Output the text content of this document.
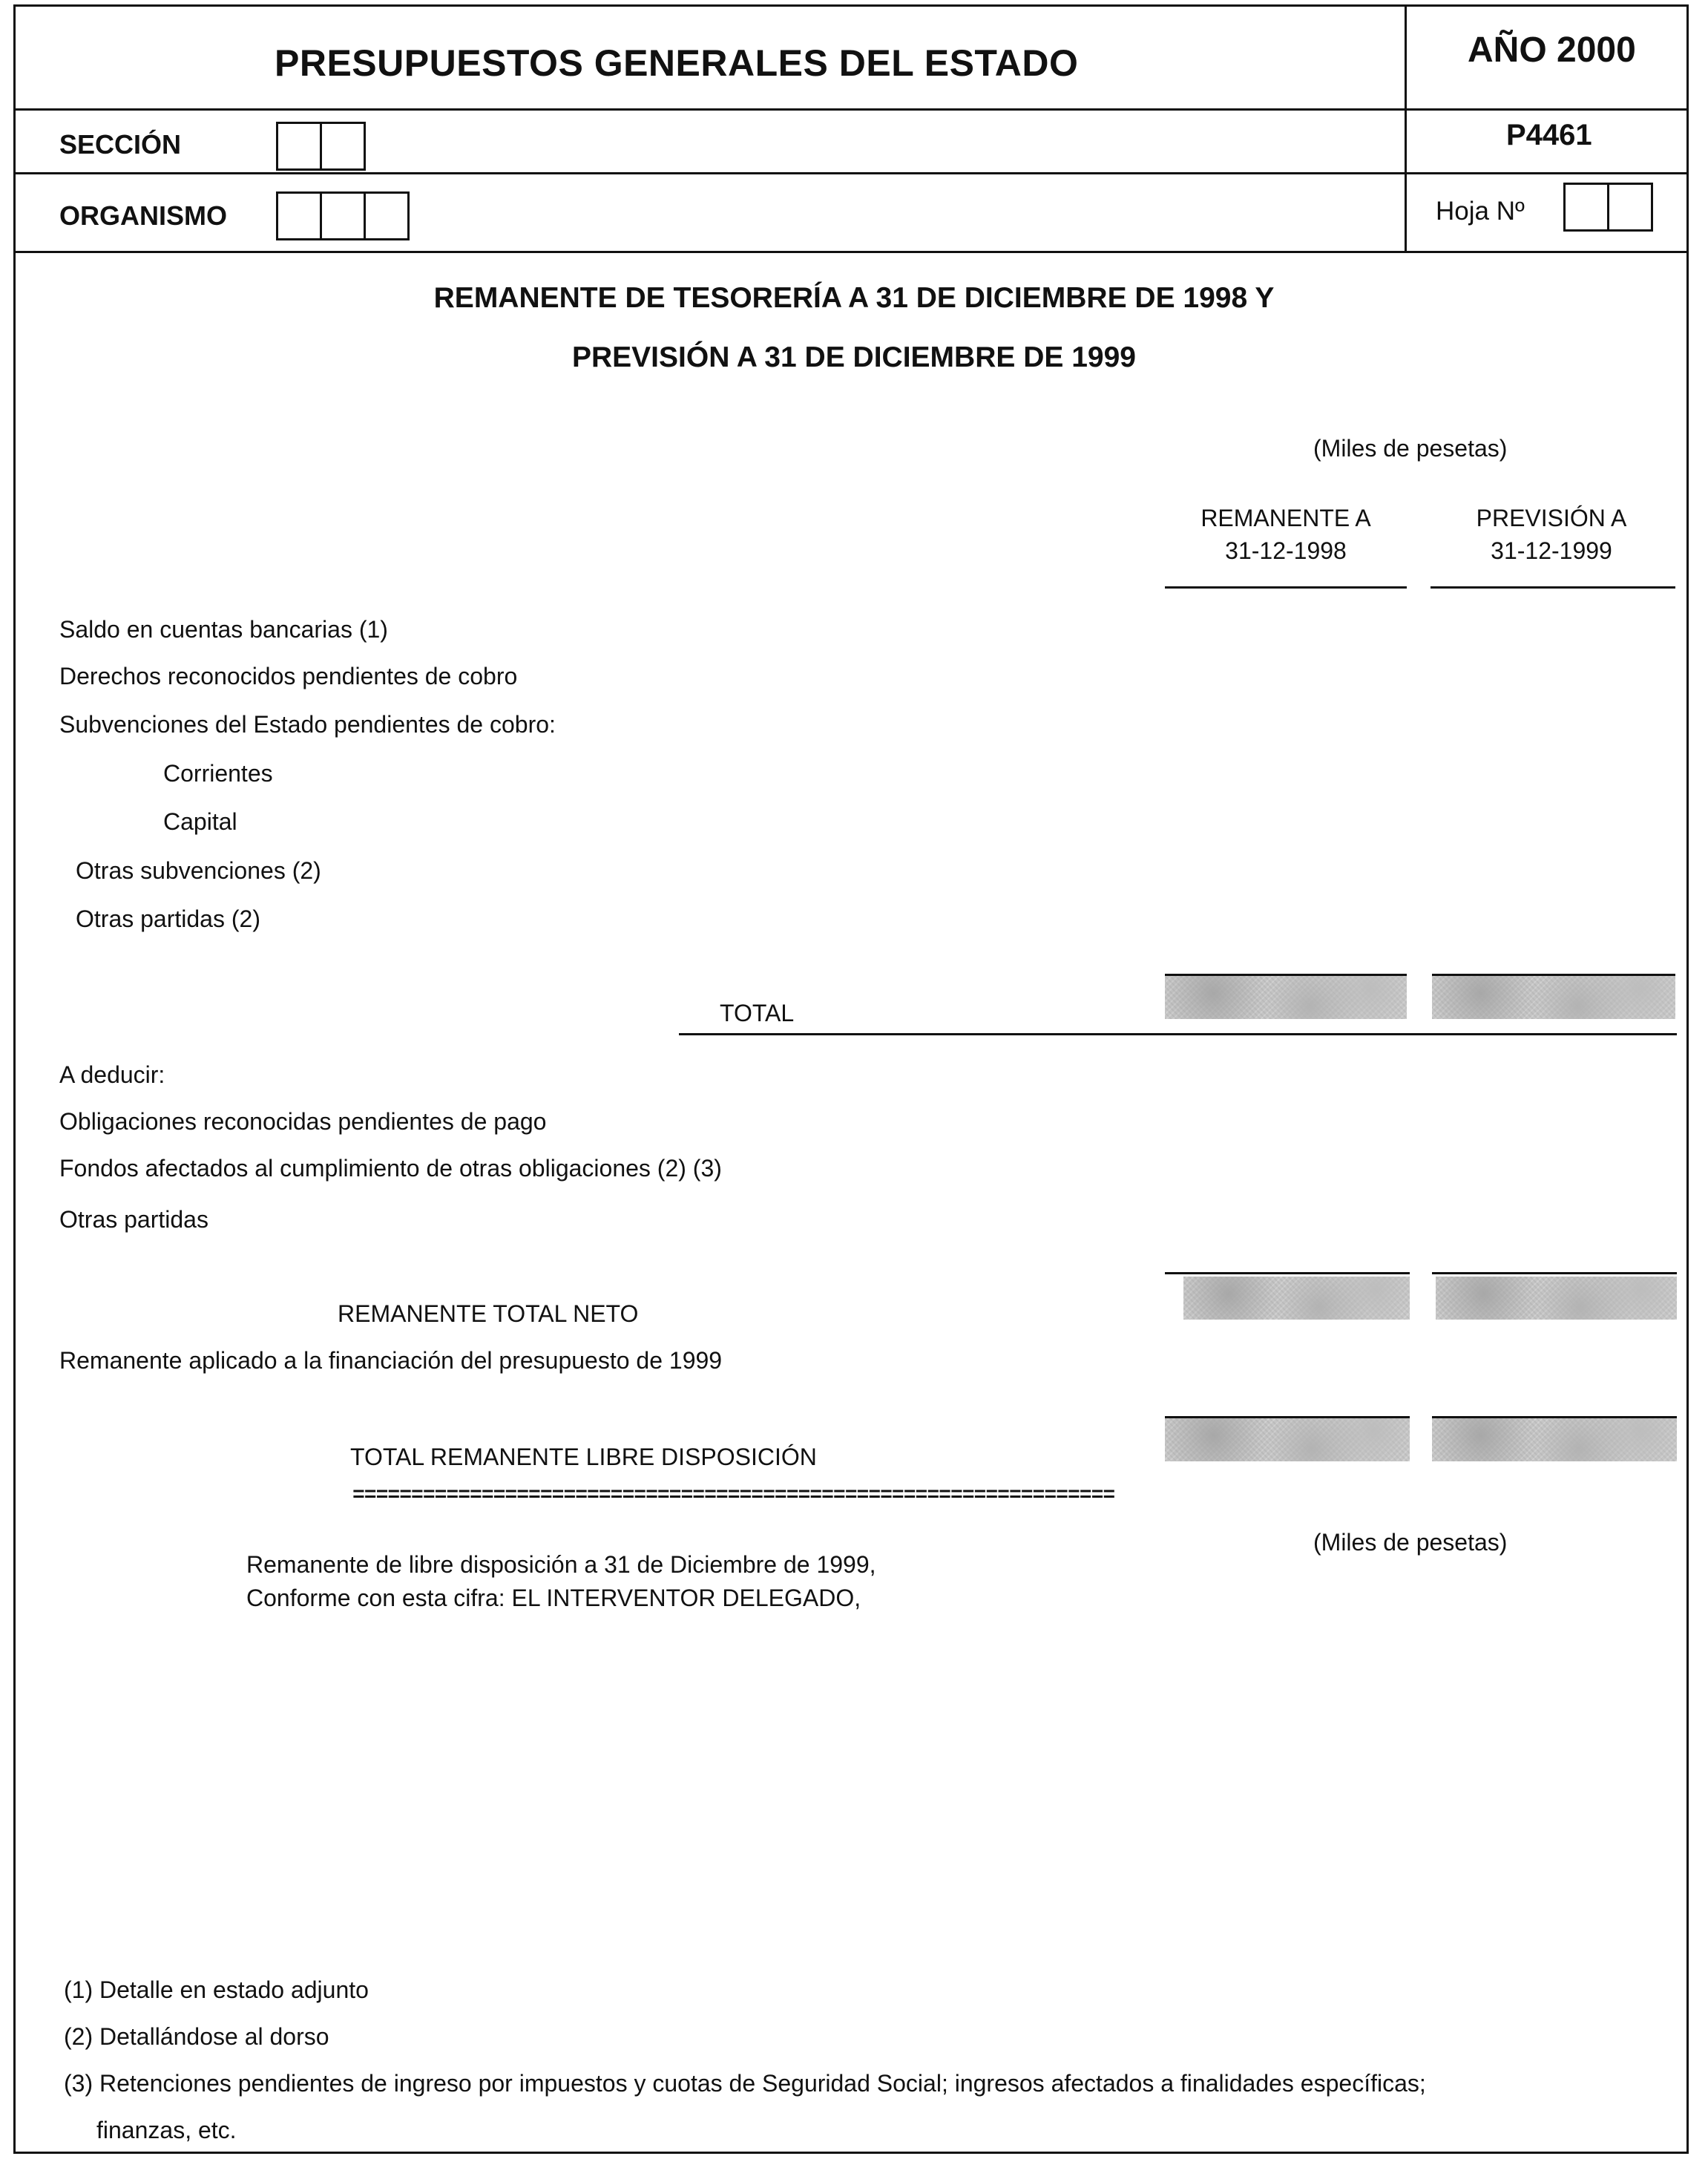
PRESUPUESTOS GENERALES DEL ESTADO	AÑO 2000
P4461
SECCIÓN
ORGANISMO	Hoja Nº
REMANENTE DE TESORERÍA A 31 DE DICIEMBRE DE 1998 Y
PREVISIÓN A 31 DE DICIEMBRE DE 1999
(Miles de pesetas)
REMANENTE A
31-12-1998
PREVISIÓN A
31-12-1999
Saldo en cuentas bancarias (1)
Derechos reconocidos pendientes de cobro
Subvenciones del Estado pendientes de cobro:
Corrientes
Capital
Otras subvenciones (2)
Otras partidas (2)
TOTAL
A deducir:
Obligaciones reconocidas pendientes de pago
Fondos afectados al cumplimiento de otras obligaciones (2) (3)
Otras partidas
REMANENTE TOTAL NETO
Remanente aplicado a la financiación del presupuesto de 1999
TOTAL REMANENTE LIBRE DISPOSICIÓN
=================================================================
(Miles de pesetas)
Remanente de libre disposición a 31 de Diciembre de 1999,
Conforme con esta cifra: EL INTERVENTOR DELEGADO,
(1) Detalle en estado adjunto
(2) Detallándose al dorso
(3) Retenciones pendientes de ingreso por impuestos y cuotas de Seguridad Social; ingresos afectados a finalidades específicas;
finanzas, etc.
